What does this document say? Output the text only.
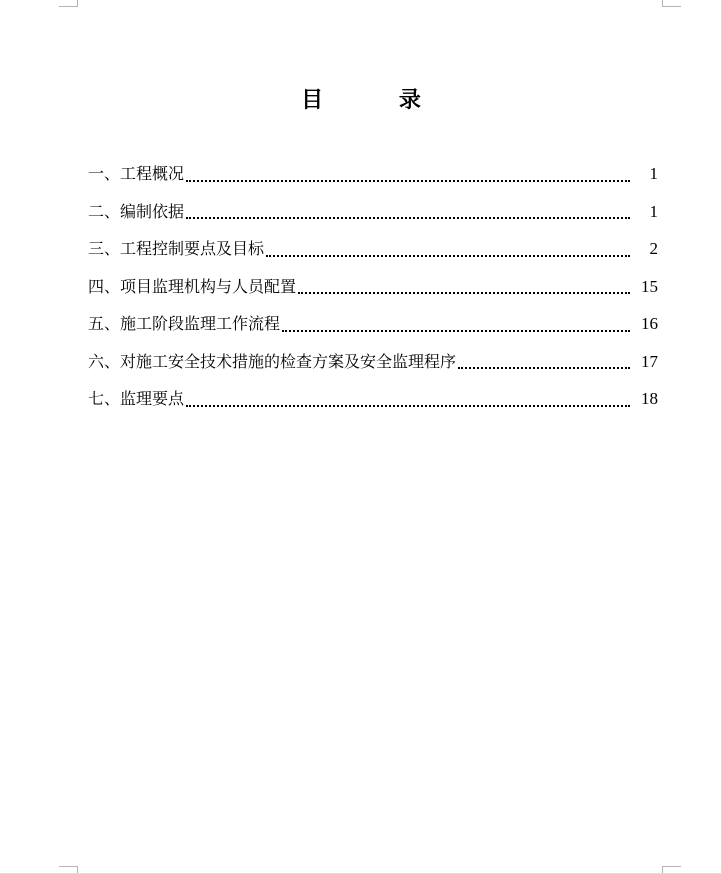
目 录
一、工程概况	1
二、编制依据	1
三、工程控制要点及目标	2
四、项目监理机构与人员配置	15
五、施工阶段监理工作流程	16
六、对施工安全技术措施的检查方案及安全监理程序	17
七、监理要点	18
